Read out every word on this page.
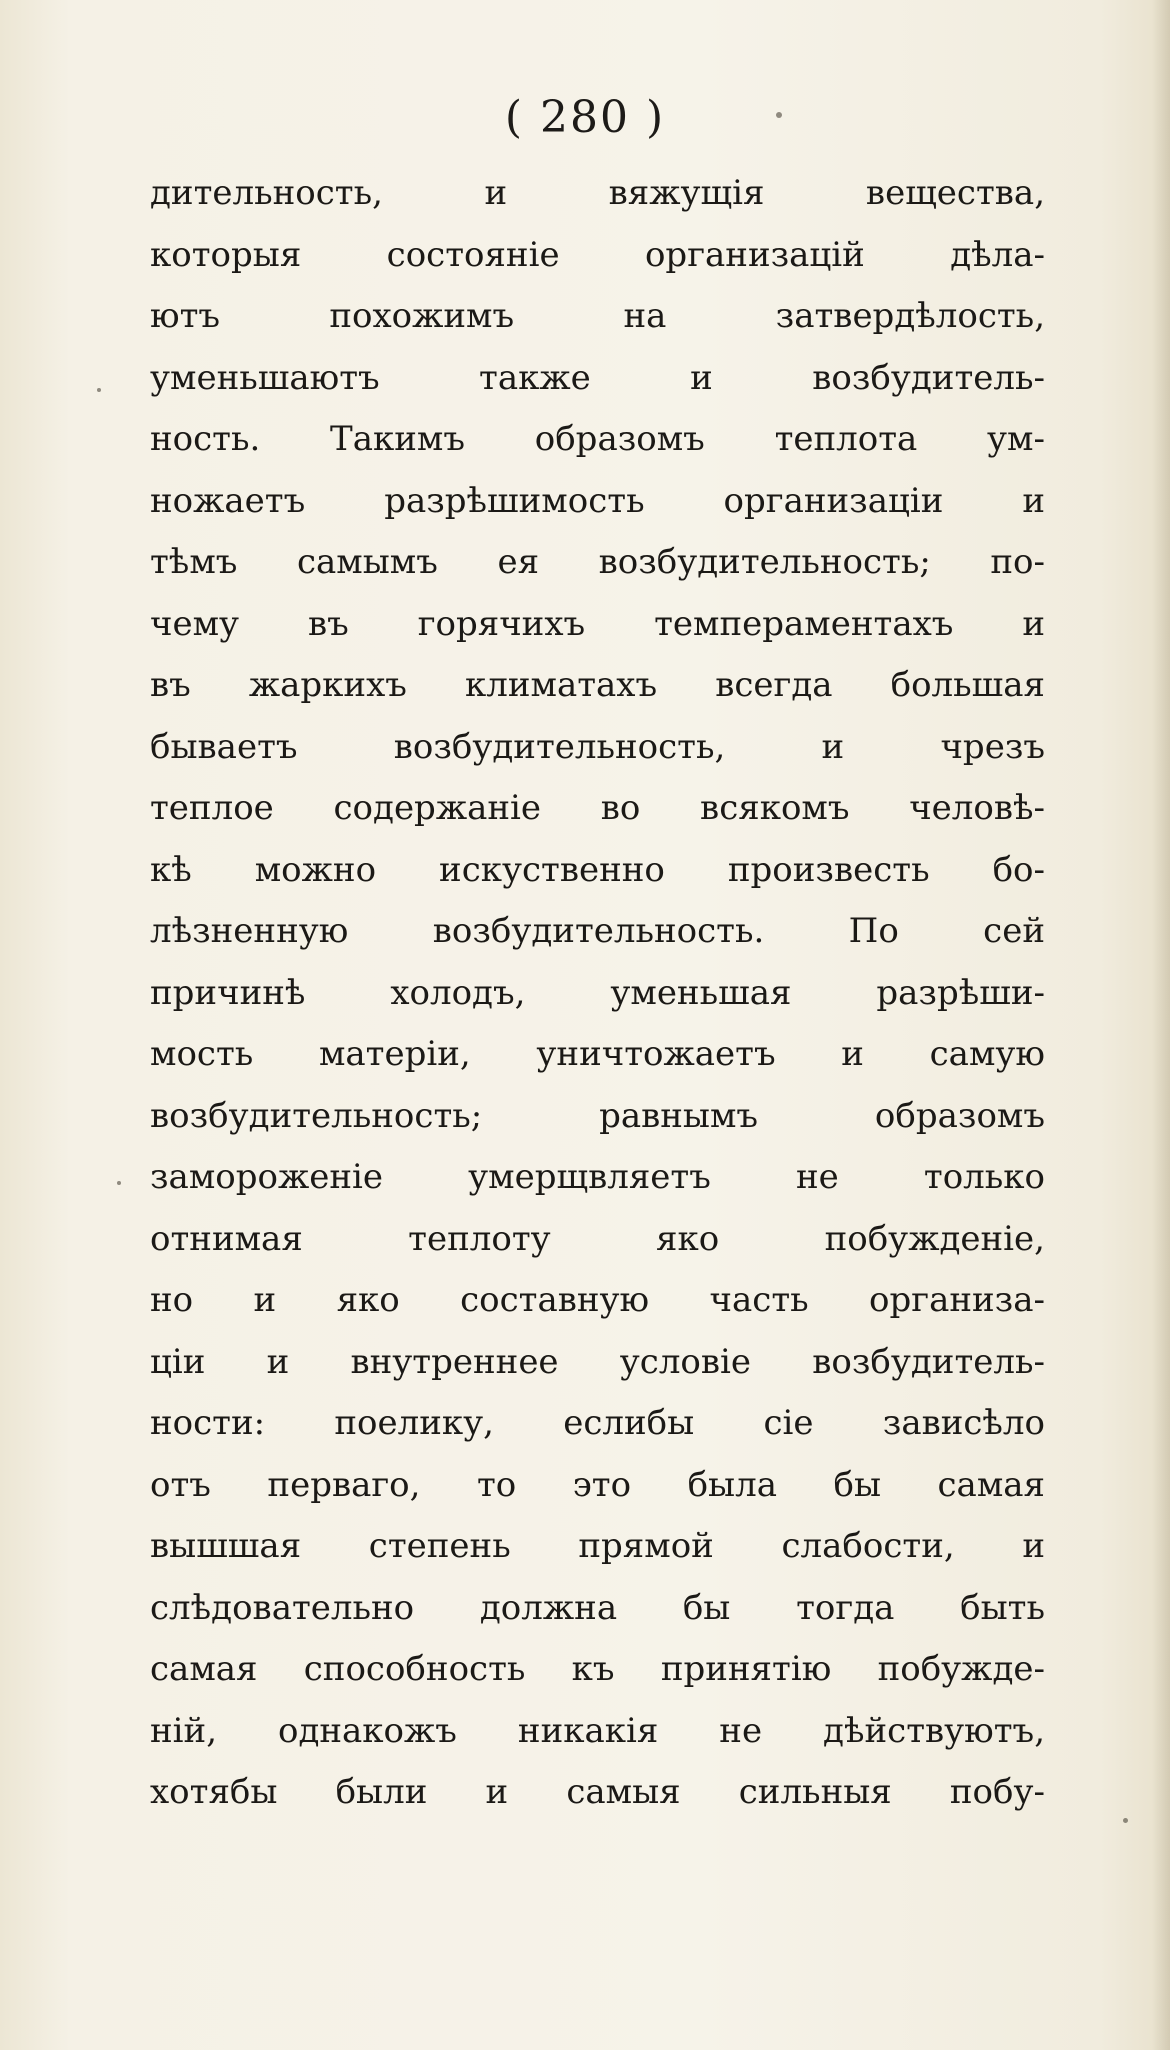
( 280 )
дительность, и вяжущія вещества,
которыя состояніе организацій дѣла-
ютъ похожимъ на затвердѣлость,
уменьшаютъ также и возбудитель-
ность. Такимъ образомъ теплота ум-
ножаетъ разрѣшимость организаціи и
тѣмъ самымъ ея возбудительность; по-
чему въ горячихъ темпераментахъ и
въ жаркихъ климатахъ всегда большая
бываетъ возбудительность, и чрезъ
теплое содержаніе во всякомъ человѣ-
кѣ можно искуственно произвесть бо-
лѣзненную возбудительность. По сей
причинѣ холодъ, уменьшая разрѣши-
мость матеріи, уничтожаетъ и самую
возбудительность; равнымъ образомъ
замороженіе умерщвляетъ не только
отнимая теплоту яко побужденіе,
но и яко составную часть организа-
ціи и внутреннее условіе возбудитель-
ности: поелику, еслибы сіе зависѣло
отъ перваго, то это была бы самая
вышшая степень прямой слабости, и
слѣдовательно должна бы тогда быть
самая способность къ принятію побужде-
ній, однакожъ никакія не дѣйствуютъ,
хотябы были и самыя сильныя побу-
